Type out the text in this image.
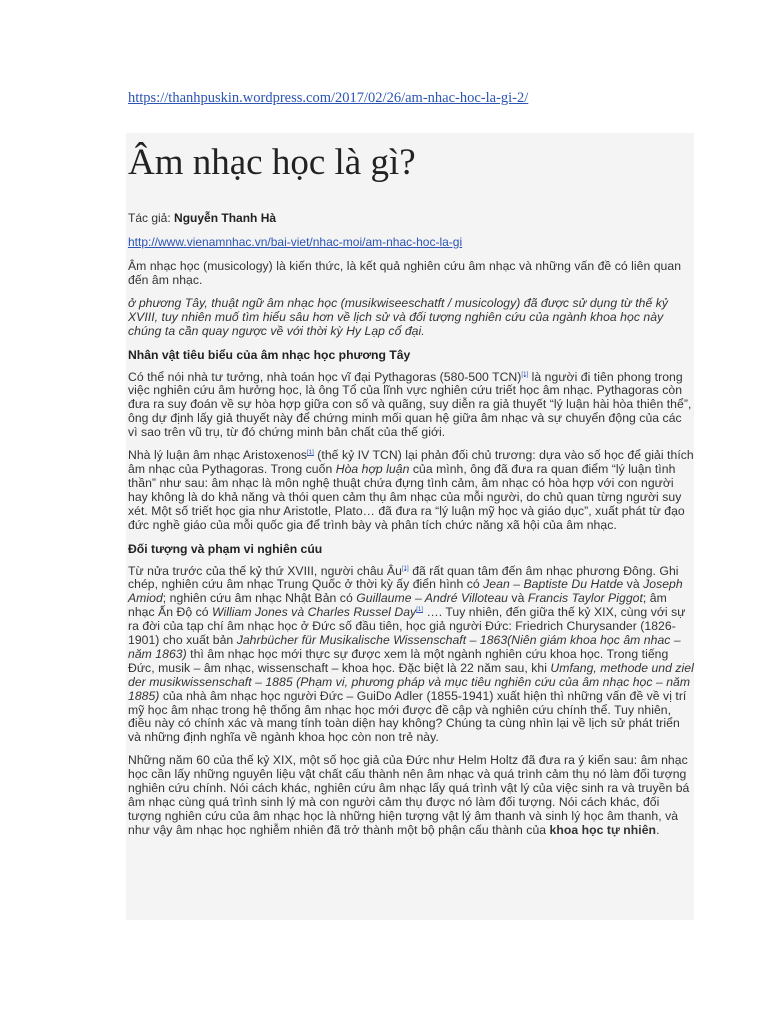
https://thanhpuskin.wordpress.com/2017/02/26/am-nhac-hoc-la-gi-2/
Âm nhạc học là gì?
Tác giả: Nguyễn Thanh Hà
http://www.vienamnhac.vn/bai-viet/nhac-moi/am-nhac-hoc-la-gi

Âm nhạc học (musicology) là kiến thức, là kết quả nghiên cứu âm nhạc và những vấn đề có liên quan đến âm nhạc.

ở phương Tây, thuật ngữ âm nhạc học (musikwiseeschatft / musicology) đã được sử dụng từ thế kỷ XVIII, tuy nhiên muố tìm hiểu sâu hơn về lịch sử và đối tượng nghiên cứu của ngành khoa học này chúng ta cần quay ngược về với thời kỳ Hy Lạp cổ đại.

Nhân vật tiêu biểu của âm nhạc học phương Tây

Có thể nói nhà tư tưởng, nhà toán học vĩ đại Pythagoras (580-500 TCN)[1] là người đi tiên phong trong việc nghiên cứu âm hưởng học, là ông Tổ của lĩnh vực nghiên cứu triết học âm nhạc. Pythagoras còn đưa ra suy đoán về sự hòa hợp giữa con số và quãng, suy diễn ra giả thuyết “lý luận hài hòa thiên thể”, ông dự định lấy giả thuyết này để chứng minh mối quan hệ giữa âm nhạc và sự chuyển động của các vì sao trên vũ trụ, từ đó chứng minh bản chất của thế giới.

Nhà lý luận âm nhạc Aristoxenos[1] (thế kỷ IV TCN) lại phản đối chủ trương: dựa vào số học để giải thích âm nhạc của Pythagoras. Trong cuốn Hòa hợp luận của mình, ông đã đưa ra quan điểm “lý luận tình thần” như sau: âm nhạc là môn nghệ thuật chứa đựng tình cảm, âm nhạc có hòa hợp với con người hay không là do khả năng và thói quen cảm thụ âm nhạc của mỗi người, do chủ quan từng người suy xét. Một số triết học gia như Aristotle, Plato… đã đưa ra “lý luận mỹ học và giáo dục”, xuất phát từ đạo đức nghề giáo của mỗi quốc gia để trình bày và phân tích chức năng xã hội của âm nhạc.

Đối tượng và phạm vi nghiên cúu

Từ nửa trước của thế kỷ thứ XVIII, người châu Âu[1] đã rất quan tâm đến âm nhạc phương Đông. Ghi chép, nghiên cứu âm nhạc Trung Quốc ở thời kỳ ấy điển hình có Jean – Baptiste Du Hatde và Joseph Amiod; nghiên cứu âm nhạc Nhật Bản có Guillaume – André Villoteau và Francis Taylor Piggot; âm nhạc Ấn Độ có William Jones và Charles Russel Day[1] …. Tuy nhiên, đến giữa thế kỷ XIX, cùng với sự ra đời của tạp chí âm nhạc học ở Đức số đầu tiên, học giả người Đức: Friedrich Churysander (1826-1901) cho xuất bản Jahrbücher für Musikalische Wissenschaft – 1863(Niên giám khoa học âm nhac – năm 1863) thì âm nhạc học mới thực sự được xem là một ngành nghiên cứu khoa học. Trong tiếng Đức, musik – âm nhạc, wissenschaft – khoa học. Đặc biệt là 22 năm sau, khi Umfang, methode und ziel der musikwissenschaft – 1885 (Phạm vi, phương pháp và mục tiêu nghiên cứu của âm nhạc học – năm 1885) của nhà âm nhạc học người Đức – GuiDo Adler (1855-1941) xuất hiện thì những vấn đề về vị trí mỹ học âm nhạc trong hệ thống âm nhạc học mới được đề cập và nghiên cứu chính thể. Tuy nhiên, điều này có chính xác và mang tính toàn diện hay không? Chúng ta cùng nhìn lại về lịch sử phát triển và những định nghĩa về ngành khoa học còn non trẻ này.

Những năm 60 của thế kỷ XIX, một số học giả của Đức như Helm Holtz đã đưa ra ý kiến sau: âm nhạc học cần lấy những nguyên liệu vật chất cấu thành nên âm nhạc và quá trình cảm thụ nó làm đối tượng nghiên cứu chính. Nói cách khác, nghiên cứu âm nhạc lấy quá trình vật lý của việc sinh ra và truyền bá âm nhạc cùng quá trình sinh lý mà con người cảm thụ được nó làm đối tượng. Nói cách khác, đối tượng nghiên cứu của âm nhạc học là những hiện tượng vật lý âm thanh và sinh lý học âm thanh, và như vậy âm nhạc học nghiễm nhiên đã trở thành một bộ phận cấu thành của khoa học tự nhiên.
